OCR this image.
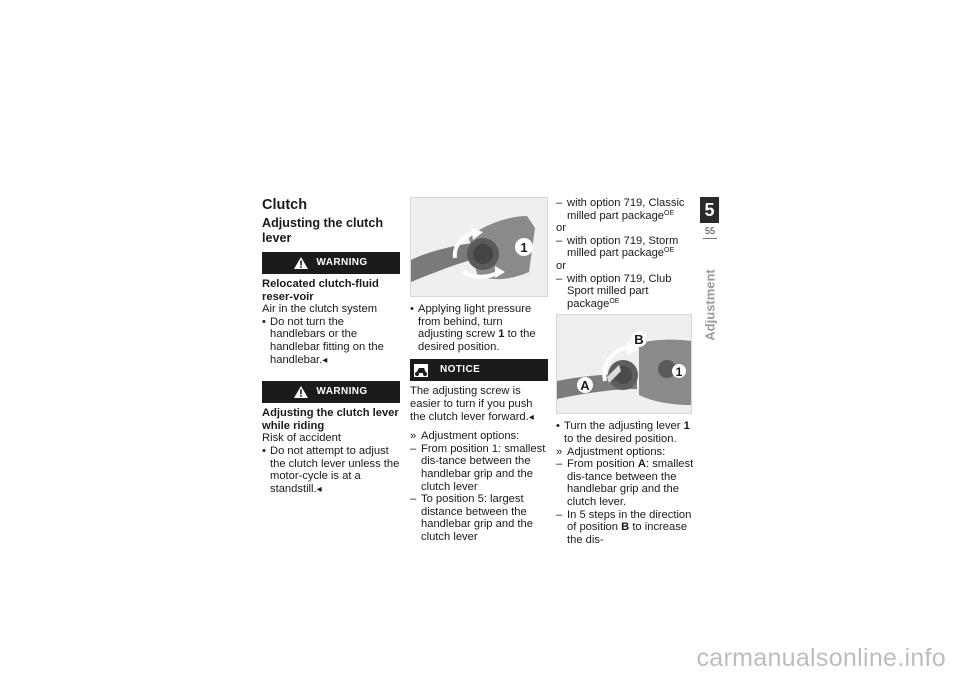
Clutch

Adjusting the clutch lever

WARNING

Relocated clutch-fluid reser-voir

Air in the clutch system

• Do not turn the handlebars or the handlebar fitting on the handlebar.◂

WARNING

Adjusting the clutch lever while riding

Risk of accident

• Do not attempt to adjust the clutch lever unless the motor-cycle is at a standstill.◂

1

• Applying light pressure from behind, turn adjusting screw 1 to the desired position.

NOTICE

The adjusting screw is easier to turn if you push the clutch lever forward.◂

» Adjustment options:

– From position 1: smallest dis-tance between the handlebar grip and the clutch lever

– To position 5: largest distance between the handlebar grip and the clutch lever

– with option 719, Classic milled part package$^{OE}$

or

– with option 719, Storm milled part package$^{OE}$

or

– with option 719, Club Sport milled part package$^{OE}$

A
B
1

• Turn the adjusting lever 1 to the desired position.

» Adjustment options:

– From position A: smallest dis-tance between the handlebar grip and the clutch lever.

– In 5 steps in the direction of position B to increase the dis-

5
55
Adjustment
carmanualsonline.info
